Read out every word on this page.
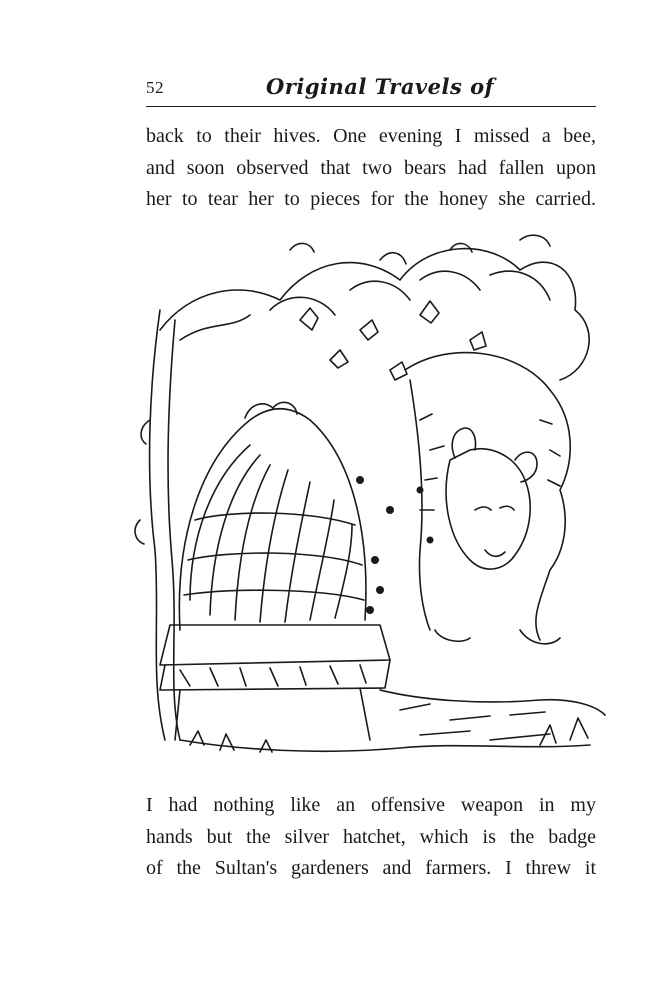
52	Original Travels of

back to their hives. One evening I missed a bee,
and soon observed that two bears had fallen upon
her to tear her to pieces for the honey she carried.

I had nothing like an offensive weapon in my
hands but the silver hatchet, which is the badge
of the Sultan's gardeners and farmers. I threw it
